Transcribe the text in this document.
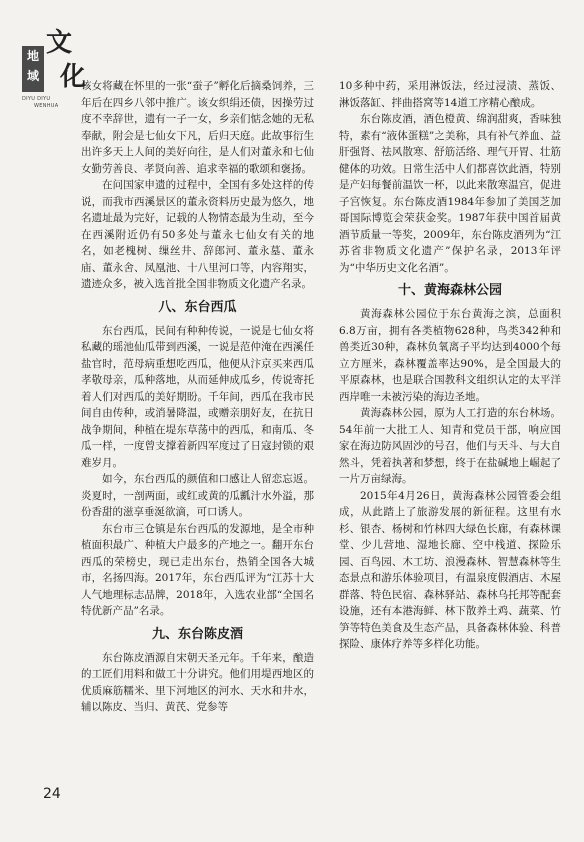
地
域
文
化
DIYU DIYU
WENHUA

该女将藏在怀里的一张“蚕子”孵化后摘桑饲养，三年后在四乡八邻中推广。该女织绢还债，因操劳过度不幸辞世，遗有一子一女，乡亲们惦念她的无私奉献，附会是七仙女下凡，后归天庭。此故事衍生出许多天上人间的美好向往，是人们对董永和七仙女勤劳善良、孝贤向善、追求幸福的歌颂和褒扬。

在问国家申遗的过程中，全国有多处这样的传说，而我市西溪景区的董永资料历史最为悠久，地名遗址最为完好，记载的人物情态最为生动，至今在西溪附近仍有50多处与董永七仙女有关的地名，如老槐树、缫丝井、辞郎河、董永墓、董永庙、董永舍、凤凰池、十八里河口等，内容翔实，遗迹众多，被入选首批全国非物质文化遗产名录。

八、东台西瓜

东台西瓜，民间有种种传说，一说是七仙女将私藏的瑶池仙瓜带到西溪，一说是范仲淹在西溪任盐官时，范母病重想吃西瓜，他便从汴京买来西瓜孝敬母亲，瓜种落地，从而延伸成瓜乡，传说寄托着人们对西瓜的美好期盼。千年间，西瓜在我市民间自由传种，或消暑降温，或赠亲朋好友，在抗日战争期间，种植在堤东草荡中的西瓜，和南瓜、冬瓜一样，一度曾支撑着新四军度过了日寇封锁的艰难岁月。

如今，东台西瓜的颜值和口感让人留恋忘返。炎夏时，一剖两面，或红或黄的瓜瓤汁水外溢，那份香甜的滋享垂涎欲滴，可口诱人。

东台市三仓镇是东台西瓜的发源地，是全市种植面积最广、种植大户最多的产地之一。翻开东台西瓜的荣榜史，现已走出东台，热销全国各大城市，名扬四海。2017年，东台西瓜评为“江苏十大人气地理标志品牌，2018年，入选农业部“全国名特优新产品”名录。

九、东台陈皮酒

东台陈皮酒源自宋朝天圣元年。千年来，酿造的工匠们用料和做工十分讲究。他们用堤西地区的优质麻筋糯米、里下河地区的河水、天水和井水，辅以陈皮、当归、黄芪、党参等

10多种中药，采用淋饭法，经过浸渍、蒸饭、淋饭落缸、拌曲搭窝等14道工序精心酿成。

东台陈皮酒，酒色橙黄、绵润甜爽，香味独特，素有“液体蛋糕”之美称，具有补气养血、益肝强肾、祛风散寒、舒筋活络、理气开胃、壮筋健体的功效。日常生活中人们都喜饮此酒，特别是产妇每餐前温饮一杯，以此来散寒温宫，促进子宫恢复。东台陈皮酒1984年参加了美国芝加哥国际博览会荣获金奖。1987年获中国首届黄酒节质量一等奖，2009年，东台陈皮酒列为“江苏省非物质文化遗产”保护名录，2013年评为“中华历史文化名酒”。

十、黄海森林公园

黄海森林公园位于东台黄海之滨，总面积6.8万亩，拥有各类植物628种，鸟类342种和兽类近30种，森林负氧离子平均达到4000个每立方厘米，森林覆盖率达90%，是全国最大的平原森林，也是联合国教科文组织认定的太平洋西岸唯一未被污染的海边圣地。

黄海森林公园，原为人工打造的东台林场。54年前一大批工人、知青和党员干部，响应国家在海边防风固沙的号召，他们与天斗、与大自然斗，凭着执著和梦想，终于在盐碱地上崛起了一片万亩绿海。

2015年4月26日，黄海森林公园管委会组成，从此踏上了旅游发展的新征程。这里有水杉、银杏、杨树和竹林四大绿色长廊，有森林课堂、少儿营地、湿地长廊、空中栈道、探险乐园、百鸟园、木工坊、浪漫森林、智慧森林等生态景点和游乐体验项目，有温泉度假酒店、木屋群落、特色民宿、森林驿站、森林乌托邦等配套设施，还有本港海鲜、林下散养土鸡、蔬菜、竹笋等特色美食及生态产品，具备森林体验、科普探险、康体疗养等多样化功能。

24
